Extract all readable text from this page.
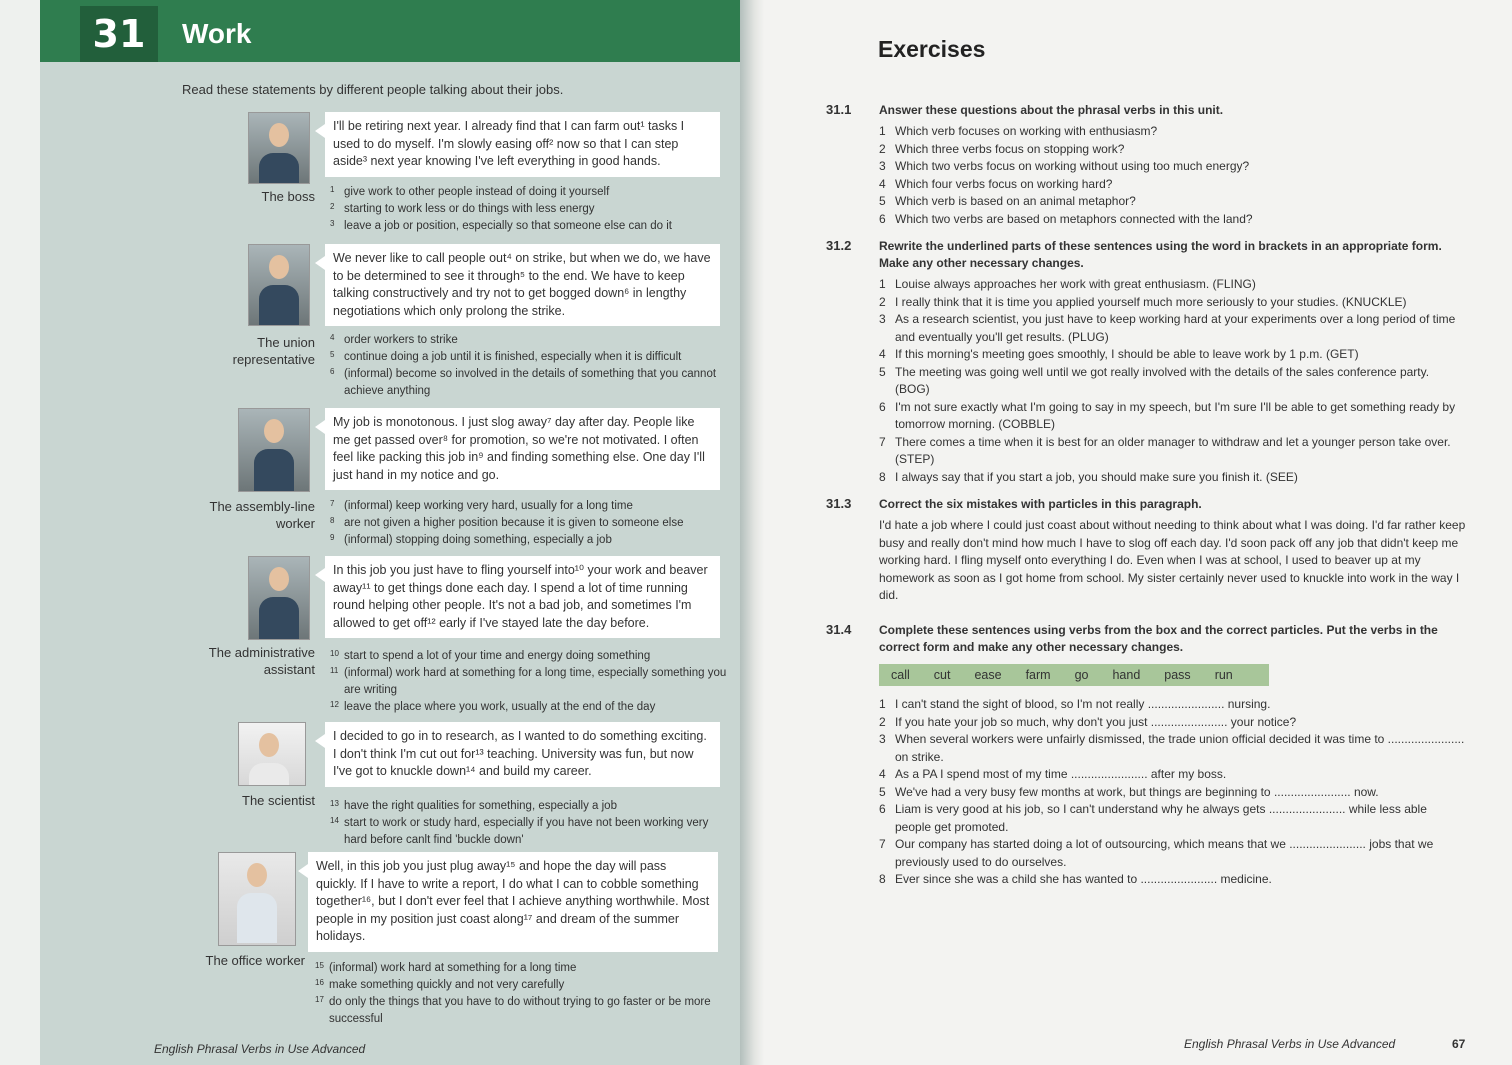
31	Work
Read these statements by different people talking about their jobs.
I'll be retiring next year. I already find that I can farm out¹ tasks I used to do myself. I'm slowly easing off² now so that I can step aside³ next year knowing I've left everything in good hands.
The boss 1 give work to other people instead of doing it yourself
2 starting to work less or do things with less energy
3 leave a job or position, especially so that someone else can do it
We never like to call people out⁴ on strike, but when we do, we have to be determined to see it through⁵ to the end. We have to keep talking constructively and try not to get bogged down⁶ in lengthy negotiations which only prolong the strike.
The union representative
4 order workers to strike
5 continue doing a job until it is finished, especially when it is difficult
6 (informal) become so involved in the details of something that you cannot achieve anything
My job is monotonous. I just slog away⁷ day after day. People like me get passed over⁸ for promotion, so we're not motivated. I often feel like packing this job in⁹ and finding something else. One day I'll just hand in my notice and go.
The assembly-line worker
7 (informal) keep working very hard, usually for a long time
8 are not given a higher position because it is given to someone else
9 (informal) stopping doing something, especially a job
In this job you just have to fling yourself into¹⁰ your work and beaver away¹¹ to get things done each day. I spend a lot of time running round helping other people. It's not a bad job, and sometimes I'm allowed to get off¹² early if I've stayed late the day before.
The administrative assistant
10 start to spend a lot of your time and energy doing something
11 (informal) work hard at something for a long time, especially something you are writing
12 leave the place where you work, usually at the end of the day
I decided to go in to research, as I wanted to do something exciting. I don't think I'm cut out for¹³ teaching. University was fun, but now I've got to knuckle down¹⁴ and build my career.
The scientist 13 have the right qualities for something, especially a job
14 start to work or study hard, especially if you have not been working very hard before canlt find 'buckle down'
Well, in this job you just plug away¹⁵ and hope the day will pass quickly. If I have to write a report, I do what I can to cobble something together¹⁶, but I don't ever feel that I achieve anything worthwhile. Most people in my position just coast along¹⁷ and dream of the summer holidays.
The office worker 15 (informal) work hard at something for a long time
16 make something quickly and not very carefully
17 do only the things that you have to do without trying to go faster or be more successful
English Phrasal Verbs in Use Advanced
Exercises
31.1 Answer these questions about the phrasal verbs in this unit.
1 Which verb focuses on working with enthusiasm?
2 Which three verbs focus on stopping work?
3 Which two verbs focus on working without using too much energy?
4 Which four verbs focus on working hard?
5 Which verb is based on an animal metaphor?
6 Which two verbs are based on metaphors connected with the land?
31.2 Rewrite the underlined parts of these sentences using the word in brackets in an appropriate form. Make any other necessary changes.
1 Louise always approaches her work with great enthusiasm. (FLING)
2 I really think that it is time you applied yourself much more seriously to your studies. (KNUCKLE)
3 As a research scientist, you just have to keep working hard at your experiments over a long period of time and eventually you'll get results. (PLUG)
4 If this morning's meeting goes smoothly, I should be able to leave work by 1 p.m. (GET)
5 The meeting was going well until we got really involved with the details of the sales conference party. (BOG)
6 I'm not sure exactly what I'm going to say in my speech, but I'm sure I'll be able to get something ready by tomorrow morning. (COBBLE)
7 There comes a time when it is best for an older manager to withdraw and let a younger person take over. (STEP)
8 I always say that if you start a job, you should make sure you finish it. (SEE)
31.3 Correct the six mistakes with particles in this paragraph.
I'd hate a job where I could just coast about without needing to think about what I was doing. I'd far rather keep busy and really don't mind how much I have to slog off each day. I'd soon pack off any job that didn't keep me working hard. I fling myself onto everything I do. Even when I was at school, I used to beaver up at my homework as soon as I got home from school. My sister certainly never used to knuckle into work in the way I did.
31.4 Complete these sentences using verbs from the box and the correct particles. Put the verbs in the correct form and make any other necessary changes.
call cut ease farm go hand pass run
1 I can't stand the sight of blood, so I'm not really ....................... nursing.
2 If you hate your job so much, why don't you just ....................... your notice?
3 When several workers were unfairly dismissed, the trade union official decided it was time to ....................... on strike.
4 As a PA I spend most of my time ....................... after my boss.
5 We've had a very busy few months at work, but things are beginning to ....................... now.
6 Liam is very good at his job, so I can't understand why he always gets ....................... while less able people get promoted.
7 Our company has started doing a lot of outsourcing, which means that we ....................... jobs that we previously used to do ourselves.
8 Ever since she was a child she has wanted to ....................... medicine.
English Phrasal Verbs in Use Advanced	67
